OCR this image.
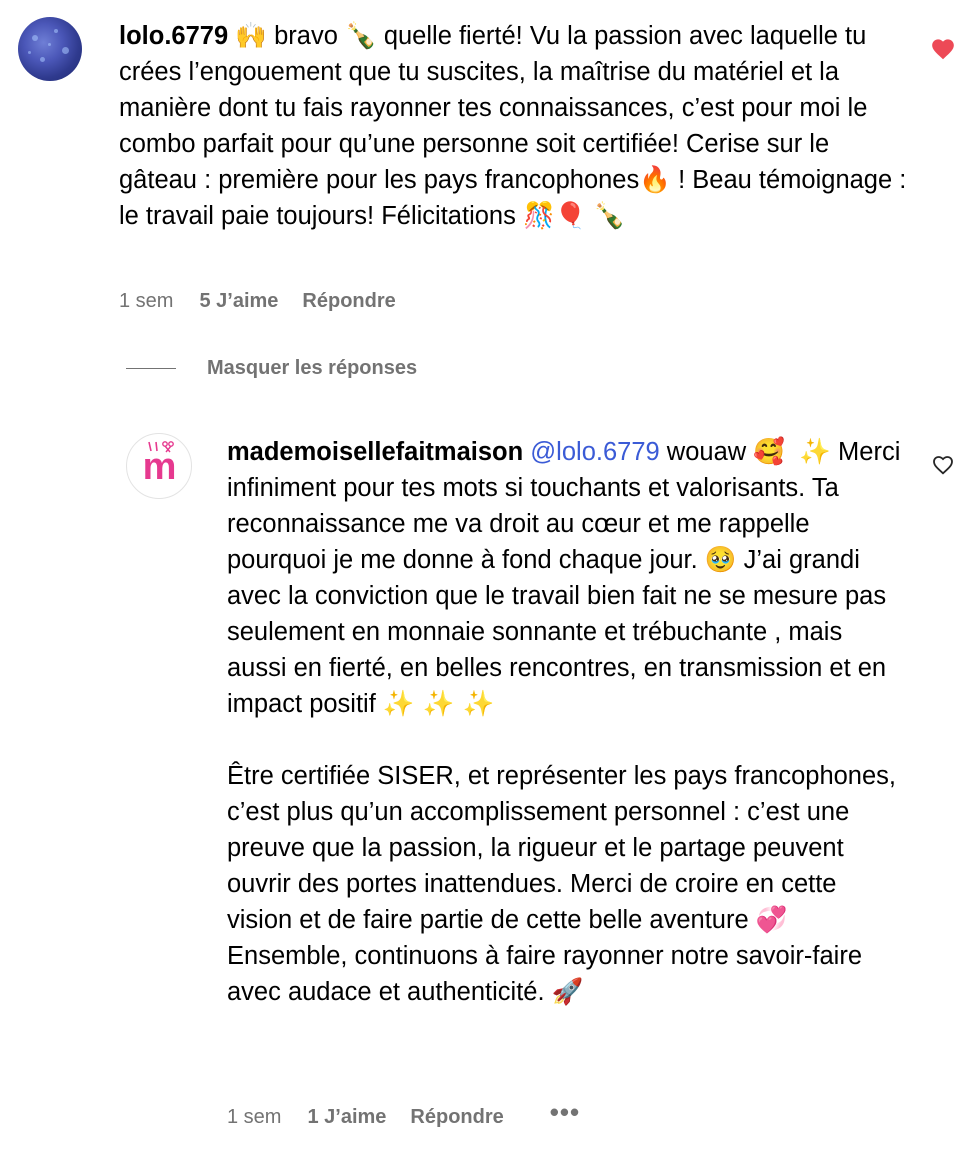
lolo.6779 🙌 bravo 🍾 quelle fierté! Vu la passion avec laquelle tu crées l’engouement que tu suscites, la maîtrise du matériel et la manière dont tu fais rayonner tes connaissances, c’est pour moi le combo parfait pour qu’une personne soit certifiée! Cerise sur le gâteau : première pour les pays francophones🔥 ! Beau témoignage : le travail paie toujours! Félicitations 🎊🎈 🍾
1 sem 5 J’aime Répondre
Masquer les réponses
m	mademoisellefaitmaison @lolo.6779 wouaw 🥰 ✨ Merci infiniment pour tes mots si touchants et valorisants. Ta reconnaissance me va droit au cœur et me rappelle pourquoi je me donne à fond chaque jour. 🥹 J’ai grandi avec la conviction que le travail bien fait ne se mesure pas seulement en monnaie sonnante et trébuchante , mais aussi en fierté, en belles rencontres, en transmission et en impact positif ✨ ✨ ✨

Être certifiée SISER, et représenter les pays francophones, c’est plus qu’un accomplissement personnel : c’est une preuve que la passion, la rigueur et le partage peuvent ouvrir des portes inattendues. Merci de croire en cette vision et de faire partie de cette belle aventure 💞Ensemble, continuons à faire rayonner notre savoir-faire avec audace et authenticité. 🚀
1 sem 1 J’aime Répondre •••
